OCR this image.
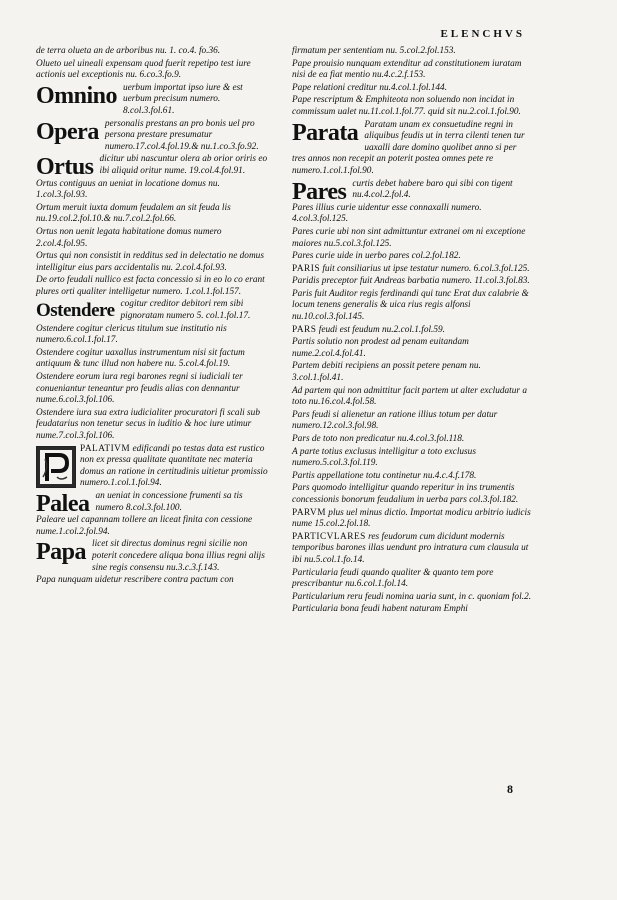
ELENCHVS
de terra olueta an de arboribus nu. 1. co.4. fo.36.
Olueto uel uineali expensam quod fuerit repetipo test iure actionis uel exceptionis nu. 6.co.3.fo.9.
Omnino uerbum importat ipso iure & est uerbum precisum numero. 8.col.3.fol.61.
Opera personalis prestans an pro bonis uel pro persona prestare presumatur numero.17.col.4.fol.19.& nu.1.co.3.fo.92.
Ortus dicitur ubi nascuntur olera ab orior oriris eo ibi aliquid oritur nume. 19.col.4.fol.91.
Ortus contiguus an ueniat in locatione domus nu. 1.col.3.fol.93.
Ortum meruit iuxta domum feudalem an sit feuda lis nu.19.col.2.fol.10.& nu.7.col.2.fol.66.
Ortus non uenit legata habitatione domus numero 2.col.4.fol.95.
Ortus qui non consistit in redditus sed in delectatio ne domus intelligitur eius pars accidentalis nu. 2.col.4.fol.93.
De orto feudali nullico est facta concessio si in eo lo co erant plures orti qualiter intelligetur numero. 1.col.1.fol.157.
Ostendere cogitur creditor debitori rem sibi pignoratam numero 5. col.1.fol.17.
Ostendere cogitur clericus titulum sue institutio nis numero.6.col.1.fol.17.
Ostendere cogitur uaxallus instrumentum nisi sit factum antiquum & tunc illud non habere nu. 5.col.4.fol.19.
Ostendere eorum iura regi barones regni si iudiciali ter conueniantur teneantur pro feudis alias con dennantur nume.6.col.3.fol.106.
Ostendere iura sua extra iudicialiter procuratori fi scali sub feudatarius non tenetur secus in iuditio & hoc iure utimur nume.7.col.3.fol.106.
PALATIVM edificandi po testas data est rustico non ex pressa qualitate quantitate nec materia domus an ratione in certitudinis uitietur promissio numero.1.col.1.fol.94.
Palea an ueniat in concessione frumenti sa tis numero 8.col.3.fol.100.
Paleare uel capannam tollere an liceat finita con cessione nume.1.col.2.fol.94.
Papa licet sit directus dominus regni sicilie non poterit concedere aliqua bona illius regni alijs sine regis consensu nu.3.c.3.f.143.
Papa nunquam uidetur rescribere contra pactum con
firmatum per sententiam nu. 5.col.2.fol.153.
Pape prouisio nunquam extenditur ad constitutionem iuratam nisi de ea fiat mentio nu.4.c.2.f.153.
Pape relationi creditur nu.4.col.1.fol.144.
Pape rescriptum & Emphiteota non soluendo non incidat in commissum ualet nu.11.col.1.fol.77. quid sit nu.2.col.1.fol.90.
Parata Paratam unam ex consuetudine regni in aliquibus feudis ut in terra cilenti tenen tur uaxalli dare domino quolibet anno si per tres annos non recepit an poterit postea omnes pete re numero.1.col.1.fol.90.
Pares curtis debet habere baro qui sibi con tigent nu.4.col.2.fol.4.
Pares illius curie uidentur esse connaxalli numero. 4.col.3.fol.125.
Pares curie ubi non sint admittuntur extranei om ni exceptione maiores nu.5.col.3.fol.125.
Pares curie uide in uerbo pares col.2.fol.182.
PARIS fuit consiliarius ut ipse testatur numero. 6.col.3.fol.125.
Paridis preceptor fuit Andreas barbatia numero. 11.col.3.fol.83.
Paris fuit Auditor regis ferdinandi qui tunc Erat dux calabrie & locum tenens generalis & uica rius regis alfonsi nu.10.col.3.fol.145.
PARS feudi est feudum nu.2.col.1.fol.59.
Partis solutio non prodest ad penam euitandam nume.2.col.4.fol.41.
Partem debiti recipiens an possit petere penam nu. 3.col.1.fol.41.
Ad partem qui non admittitur facit partem ut alter excludatur a toto nu.16.col.4.fol.58.
Pars feudi si alienetur an ratione illius totum per datur numero.12.col.3.fol.98.
Pars de toto non predicatur nu.4.col.3.fol.118.
A parte totius exclusus intelligitur a toto exclusus numero.5.col.3.fol.119.
Partis appellatione totu continetur nu.4.c.4.f.178.
Pars quomodo intelligitur quando reperitur in ins trumentis concessionis bonorum feudalium in uerba pars col.3.fol.182.
PARVM plus uel minus dictio. Importat modicu arbitrio iudicis nume 15.col.2.fol.18.
PARTICVLARES res feudorum cum dicidunt modernis temporibus barones illas uendunt pro intratura cum clausula ut ibi nu.5.col.1.fo.14.
Particularia feudi quando qualiter & quanto tem pore prescribantur nu.6.col.1.fol.14.
Particularium reru feudi nomina uaria sunt, in c. quoniam fol.2.
Particularia bona feudi habent naturam Emphi
8
